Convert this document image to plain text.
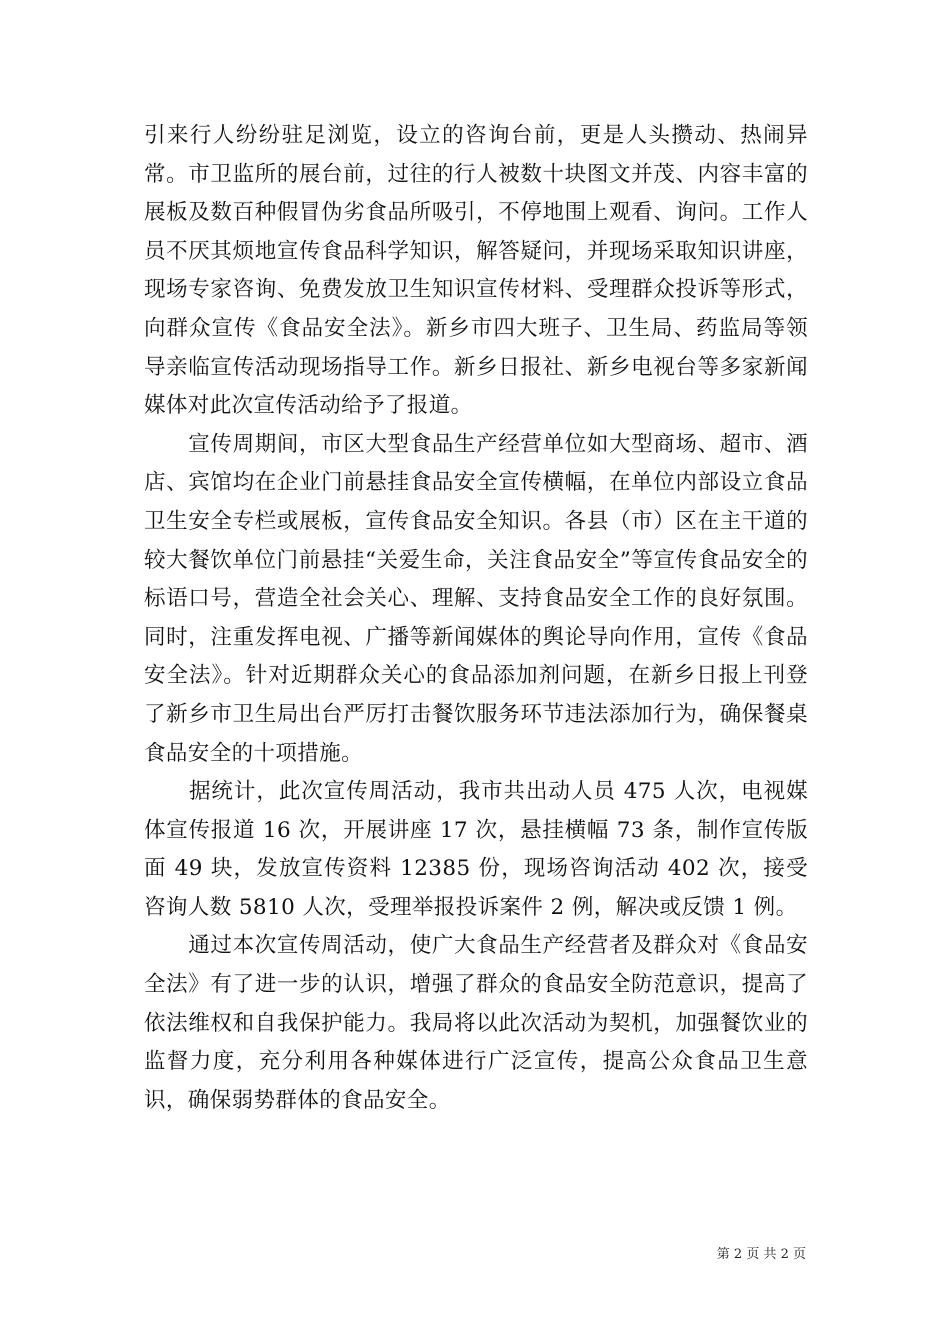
引来行人纷纷驻足浏览，设立的咨询台前，更是人头攒动、热闹异常。市卫监所的展台前，过往的行人被数十块图文并茂、内容丰富的展板及数百种假冒伪劣食品所吸引，不停地围上观看、询问。工作人员不厌其烦地宣传食品科学知识，解答疑问，并现场采取知识讲座，现场专家咨询、免费发放卫生知识宣传材料、受理群众投诉等形式，向群众宣传《食品安全法》。新乡市四大班子、卫生局、药监局等领导亲临宣传活动现场指导工作。新乡日报社、新乡电视台等多家新闻媒体对此次宣传活动给予了报道。

　　宣传周期间，市区大型食品生产经营单位如大型商场、超市、酒店、宾馆均在企业门前悬挂食品安全宣传横幅，在单位内部设立食品卫生安全专栏或展板，宣传食品安全知识。各县（市）区在主干道的较大餐饮单位门前悬挂“关爱生命，关注食品安全”等宣传食品安全的标语口号，营造全社会关心、理解、支持食品安全工作的良好氛围。同时，注重发挥电视、广播等新闻媒体的舆论导向作用，宣传《食品安全法》。针对近期群众关心的食品添加剂问题，在新乡日报上刊登了新乡市卫生局出台严厉打击餐饮服务环节违法添加行为，确保餐桌食品安全的十项措施。

　　据统计，此次宣传周活动，我市共出动人员 475 人次，电视媒体宣传报道 16 次，开展讲座 17 次，悬挂横幅 73 条，制作宣传版面 49 块，发放宣传资料 12385 份，现场咨询活动 402 次，接受咨询人数 5810 人次，受理举报投诉案件 2 例，解决或反馈 1 例。

　　通过本次宣传周活动，使广大食品生产经营者及群众对《食品安全法》有了进一步的认识，增强了群众的食品安全防范意识，提高了依法维权和自我保护能力。我局将以此次活动为契机，加强餐饮业的监督力度，充分利用各种媒体进行广泛宣传，提高公众食品卫生意识，确保弱势群体的食品安全。

第 2 页 共 2 页
